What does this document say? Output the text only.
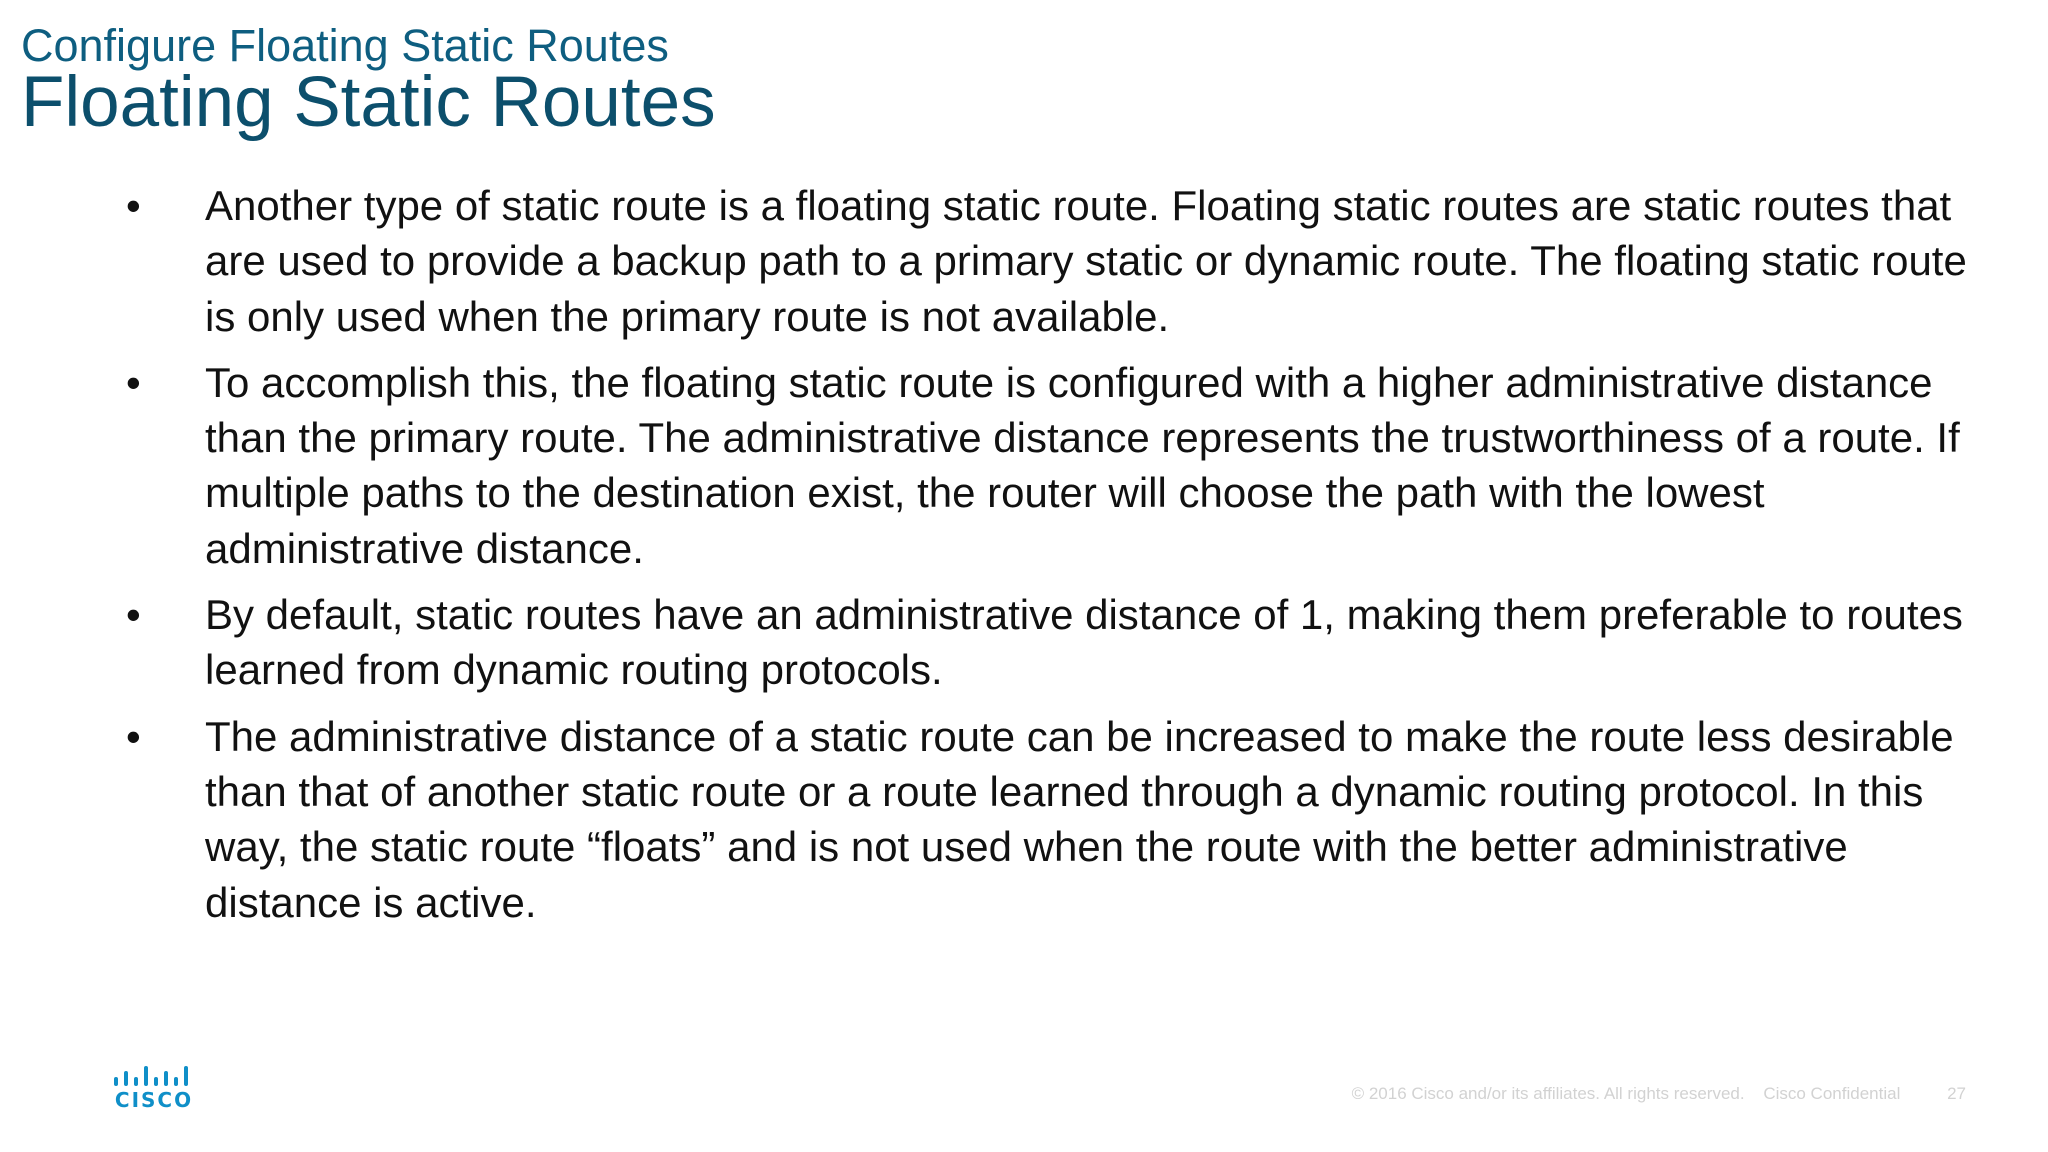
Configure Floating Static Routes
Floating Static Routes
• Another type of static route is a floating static route. Floating static routes are static routes that are used to provide a backup path to a primary static or dynamic route. The floating static route is only used when the primary route is not available.
• To accomplish this, the floating static route is configured with a higher administrative distance than the primary route. The administrative distance represents the trustworthiness of a route. If multiple paths to the destination exist, the router will choose the path with the lowest administrative distance.
• By default, static routes have an administrative distance of 1, making them preferable to routes learned from dynamic routing protocols.
• The administrative distance of a static route can be increased to make the route less desirable than that of another static route or a route learned through a dynamic routing protocol. In this way, the static route “floats” and is not used when the route with the better administrative distance is active.
CISCO	© 2016 Cisco and/or its affiliates. All rights reserved. Cisco Confidential	27
